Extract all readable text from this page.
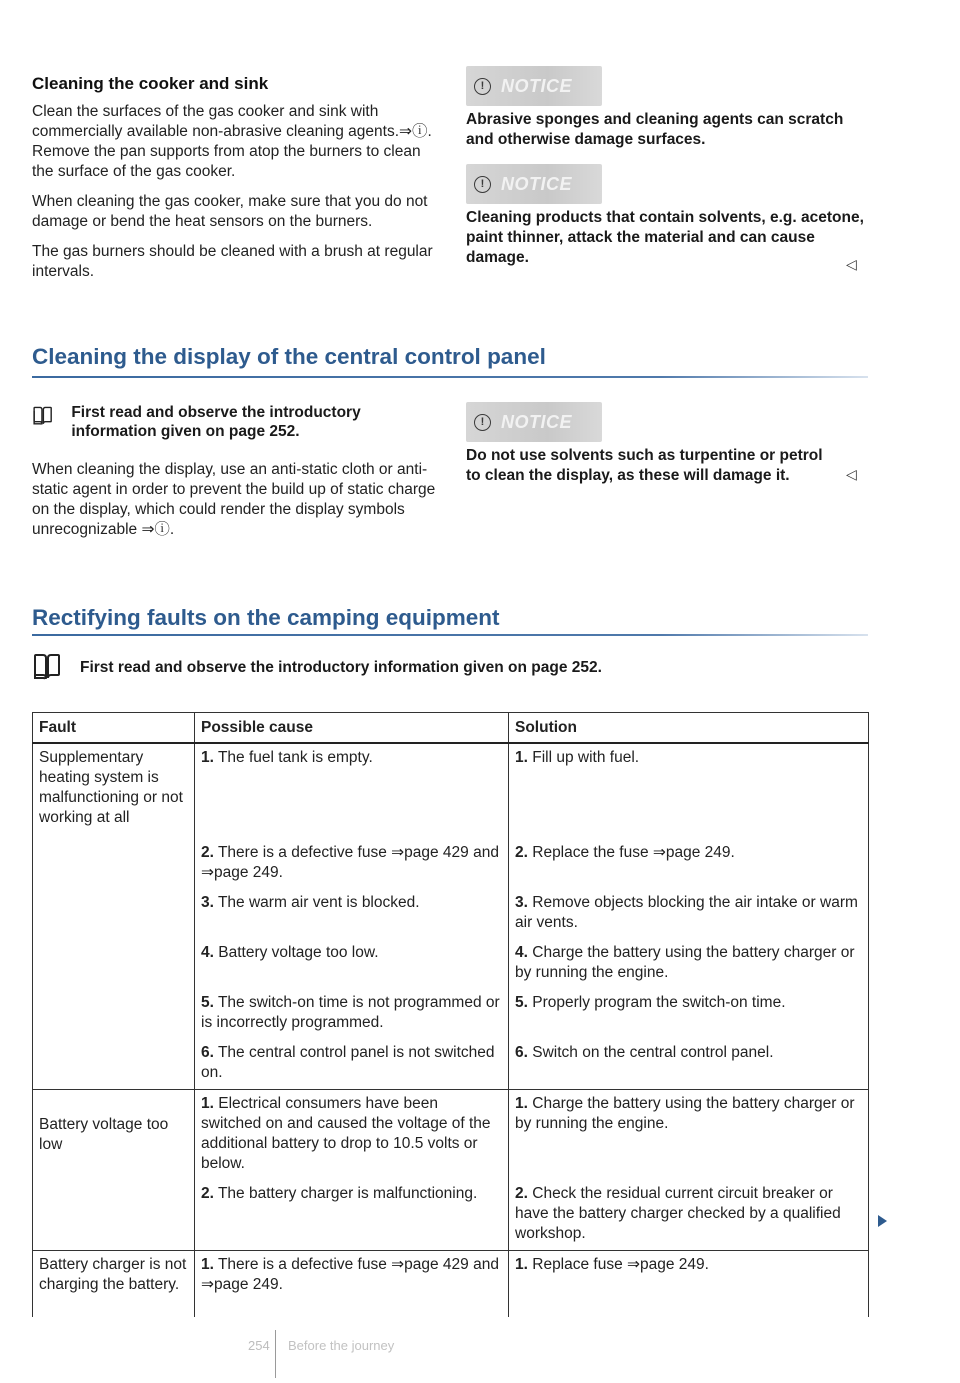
Cleaning the cooker and sink

Clean the surfaces of the gas cooker and sink with commercially available non-abrasive cleaning agents.⇒ⓘ. Remove the pan supports from atop the burners to clean the surface of the gas cooker.

When cleaning the gas cooker, make sure that you do not damage or bend the heat sensors on the burners.

The gas burners should be cleaned with a brush at regular intervals.

! NOTICE
Abrasive sponges and cleaning agents can scratch and otherwise damage surfaces.
! NOTICE
Cleaning products that contain solvents, e.g. acetone, paint thinner, attack the material and can cause damage.	◁
Cleaning the display of the central control panel
First read and observe the introductory information given on page 252.

When cleaning the display, use an anti-static cloth or anti-static agent in order to prevent the build up of static charge on the display, which could render the display symbols unrecognizable ⇒ⓘ.

! NOTICE
Do not use solvents such as turpentine or petrol to clean the display, as these will damage it.	◁
Rectifying faults on the camping equipment
First read and observe the introductory information given on page 252.
Fault	Possible cause	Solution
Supplementary heating system is malfunctioning or not working at all	1. The fuel tank is empty.	1. Fill up with fuel.
	2. There is a defective fuse ⇒page 429 and ⇒page 249.	2. Replace the fuse ⇒page 249.
	3. The warm air vent is blocked.	3. Remove objects blocking the air intake or warm air vents.
	4. Battery voltage too low.	4. Charge the battery using the battery charger or by running the engine.
	5. The switch-on time is not programmed or is incorrectly programmed.	5. Properly program the switch-on time.
	6. The central control panel is not switched on.	6. Switch on the central control panel.
Battery voltage too low	1. Electrical consumers have been switched on and caused the voltage of the additional battery to drop to 10.5 volts or below.	1. Charge the battery using the battery charger or by running the engine.
	2. The battery charger is malfunctioning.	2. Check the residual current circuit breaker or have the battery charger checked by a qualified workshop.
Battery charger is not charging the battery.	1. There is a defective fuse ⇒page 429 and ⇒page 249.	1. Replace fuse ⇒page 249.
254 Before the journey
